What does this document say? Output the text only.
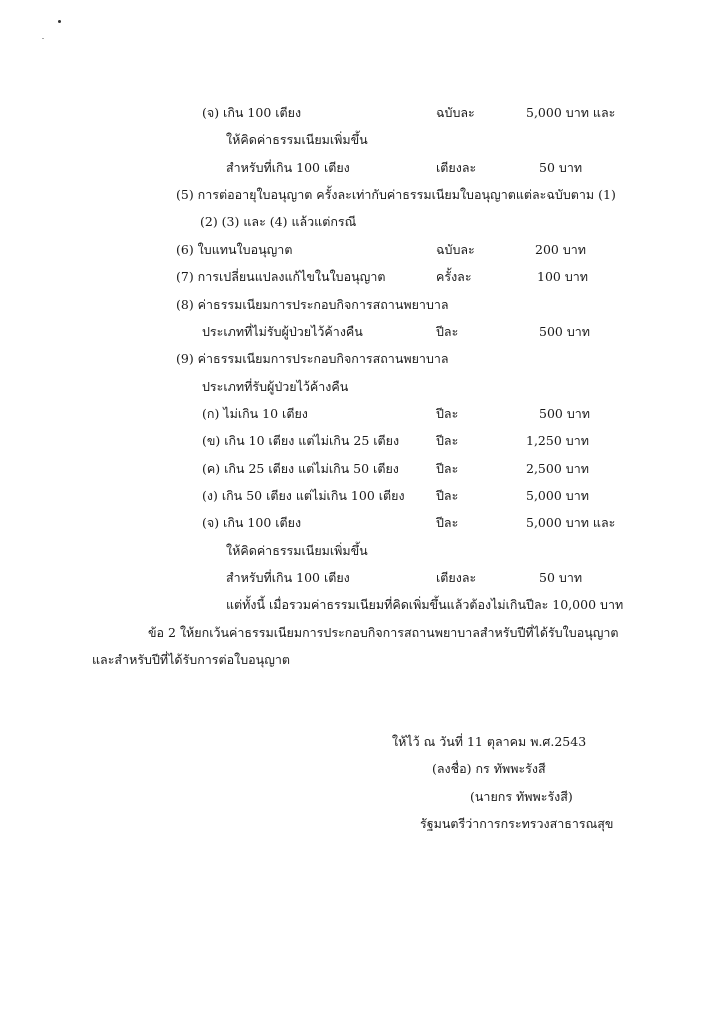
(จ) เกิน 100 เตียง	ฉบับละ	5,000 บาท และ
ให้คิดค่าธรรมเนียมเพิ่มขึ้น
สำหรับที่เกิน 100 เตียง	เตียงละ	50 บาท
(5) การต่ออายุใบอนุญาต ครั้งละเท่ากับค่าธรรมเนียมใบอนุญาตแต่ละฉบับตาม (1)
(2) (3) และ (4) แล้วแต่กรณี
(6) ใบแทนใบอนุญาต	ฉบับละ	200 บาท
(7) การเปลี่ยนแปลงแก้ไขในใบอนุญาต	ครั้งละ	100 บาท
(8) ค่าธรรมเนียมการประกอบกิจการสถานพยาบาล
ประเภทที่ไม่รับผู้ป่วยไว้ค้างคืน	ปีละ	500 บาท
(9) ค่าธรรมเนียมการประกอบกิจการสถานพยาบาล
ประเภทที่รับผู้ป่วยไว้ค้างคืน
(ก) ไม่เกิน 10 เตียง	ปีละ	500 บาท
(ข) เกิน 10 เตียง แต่ไม่เกิน 25 เตียง	ปีละ	1,250 บาท
(ค) เกิน 25 เตียง แต่ไม่เกิน 50 เตียง	ปีละ	2,500 บาท
(ง) เกิน 50 เตียง แต่ไม่เกิน 100 เตียง	ปีละ	5,000 บาท
(จ) เกิน 100 เตียง	ปีละ	5,000 บาท และ
ให้คิดค่าธรรมเนียมเพิ่มขึ้น
สำหรับที่เกิน 100 เตียง	เตียงละ	50 บาท
แต่ทั้งนี้ เมื่อรวมค่าธรรมเนียมที่คิดเพิ่มขึ้นแล้วต้องไม่เกินปีละ 10,000 บาท
ข้อ 2 ให้ยกเว้นค่าธรรมเนียมการประกอบกิจการสถานพยาบาลสำหรับปีที่ได้รับใบอนุญาต
และสำหรับปีที่ได้รับการต่อใบอนุญาต
ให้ไว้ ณ วันที่ 11 ตุลาคม พ.ศ.2543
(ลงชื่อ) กร ทัพพะรังสี
(นายกร ทัพพะรังสี)
รัฐมนตรีว่าการกระทรวงสาธารณสุข
